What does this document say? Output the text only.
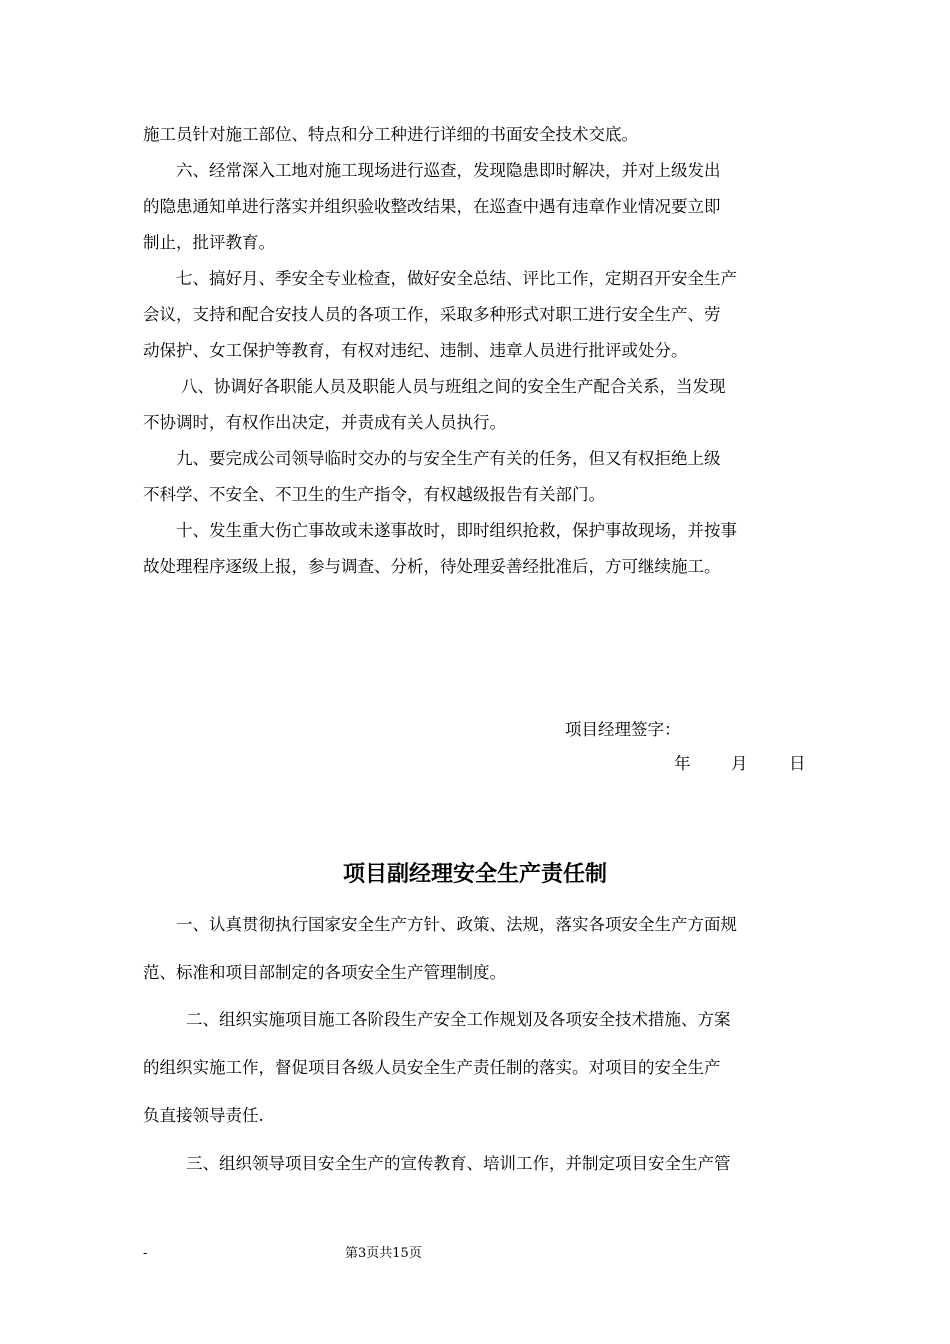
施工员针对施工部位、特点和分工种进行详细的书面安全技术交底。
六、经常深入工地对施工现场进行巡查，发现隐患即时解决，并对上级发出
的隐患通知单进行落实并组织验收整改结果，在巡查中遇有违章作业情况要立即
制止，批评教育。
七、搞好月、季安全专业检查，做好安全总结、评比工作，定期召开安全生产
会议，支持和配合安技人员的各项工作，采取多种形式对职工进行安全生产、劳
动保护、女工保护等教育，有权对违纪、违制、违章人员进行批评或处分。
八、协调好各职能人员及职能人员与班组之间的安全生产配合关系，当发现
不协调时，有权作出决定，并责成有关人员执行。
九、要完成公司领导临时交办的与安全生产有关的任务，但又有权拒绝上级
不科学、不安全、不卫生的生产指令，有权越级报告有关部门。
十、发生重大伤亡事故或未遂事故时，即时组织抢救，保护事故现场，并按事
故处理程序逐级上报，参与调查、分析，待处理妥善经批准后，方可继续施工。
项目经理签字：
年 月	日
项目副经理安全生产责任制
一、认真贯彻执行国家安全生产方针、政策、法规，落实各项安全生产方面规
范、标准和项目部制定的各项安全生产管理制度。
二、组织实施项目施工各阶段生产安全工作规划及各项安全技术措施、方案
的组织实施工作，督促项目各级人员安全生产责任制的落实。对项目的安全生产
负直接领导责任.
三、组织领导项目安全生产的宣传教育、培训工作，并制定项目安全生产管
-	第3页共15页
